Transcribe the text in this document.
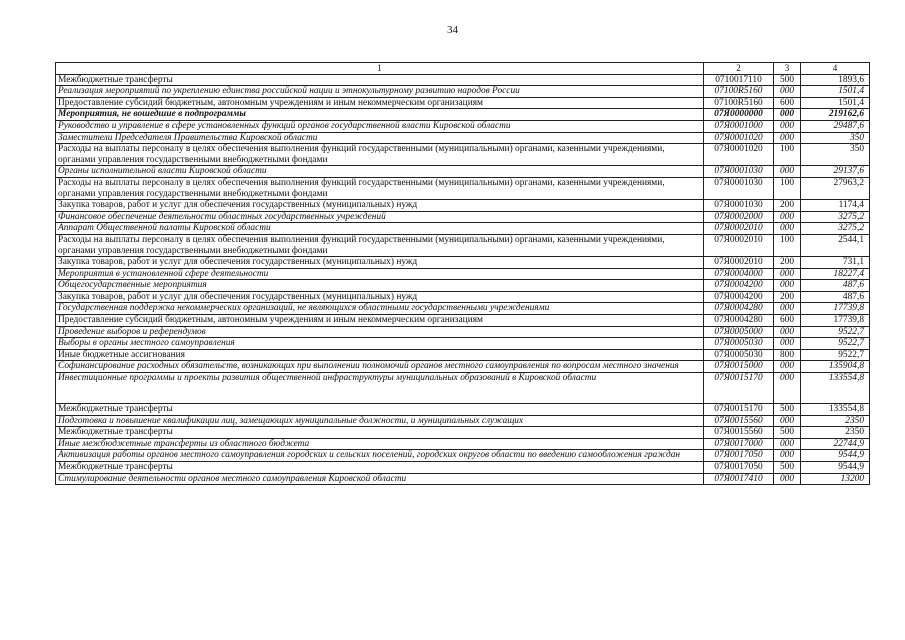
34
1	2	3	4
Межбюджетные трансферты	0710017110	500	1893,6
Реализация мероприятий по укреплению единства российской нации и этнокультурному развитию народов России	07100R5160	000	1501,4
Предоставление субсидий бюджетным, автономным учреждениям и иным некоммерческим организациям	07100R5160	600	1501,4
Мероприятия, не вошедшие в подпрограммы	07Я0000000	000	219162,6
Руководство и управление в сфере установленных функций органов государственной власти Кировской области	07Я0001000	000	29487,6
Заместители Председателя Правительства Кировской области	07Я0001020	000	350
Расходы на выплаты персоналу в целях обеспечения выполнения функций государственными (муниципальными) органами, казенными учреждениями, органами управления государственными внебюджетными фондами	07Я0001020	100	350
Органы исполнительной власти Кировской области	07Я0001030	000	29137,6
Расходы на выплаты персоналу в целях обеспечения выполнения функций государственными (муниципальными) органами, казенными учреждениями, органами управления государственными внебюджетными фондами	07Я0001030	100	27963,2
Закупка товаров, работ и услуг для обеспечения государственных (муниципальных) нужд	07Я0001030	200	1174,4
Финансовое обеспечение деятельности областных государственных учреждений	07Я0002000	000	3275,2
Аппарат Общественной палаты Кировской области	07Я0002010	000	3275,2
Расходы на выплаты персоналу в целях обеспечения выполнения функций государственными (муниципальными) органами, казенными учреждениями, органами управления государственными внебюджетными фондами	07Я0002010	100	2544,1
Закупка товаров, работ и услуг для обеспечения государственных (муниципальных) нужд	07Я0002010	200	731,1
Мероприятия в установленной сфере деятельности	07Я0004000	000	18227,4
Общегосударственные мероприятия	07Я0004200	000	487,6
Закупка товаров, работ и услуг для обеспечения государственных (муниципальных) нужд	07Я0004200	200	487,6
Государственная поддержка некоммерческих организаций, не являющихся областными государственными учреждениями	07Я0004280	000	17739,8
Предоставление субсидий бюджетным, автономным учреждениям и иным некоммерческим организациям	07Я0004280	600	17739,8
Проведение выборов и референдумов	07Я0005000	000	9522,7
Выборы в органы местного самоуправления	07Я0005030	000	9522,7
Иные бюджетные ассигнования	07Я0005030	800	9522,7
Софинансирование расходных обязательств, возникающих при выполнении полномочий органов местного самоуправления по вопросам местного значения	07Я0015000	000	135904,8
Инвестиционные программы и проекты развития общественной инфраструктуры муниципальных образований в Кировской области	07Я0015170	000	133554,8
Межбюджетные трансферты	07Я0015170	500	133554,8
Подготовка и повышение квалификации лиц, замещающих муниципальные должности, и муниципальных служащих	07Я0015560	000	2350
Межбюджетные трансферты	07Я0015560	500	2350
Иные межбюджетные трансферты из областного бюджета	07Я0017000	000	22744,9
Активизация работы органов местного самоуправления городских и сельских поселений, городских округов области по введению самообложения граждан	07Я0017050	000	9544,9
Межбюджетные трансферты	07Я0017050	500	9544,9
Стимулирование деятельности органов местного самоуправления Кировской области	07Я0017410	000	13200
